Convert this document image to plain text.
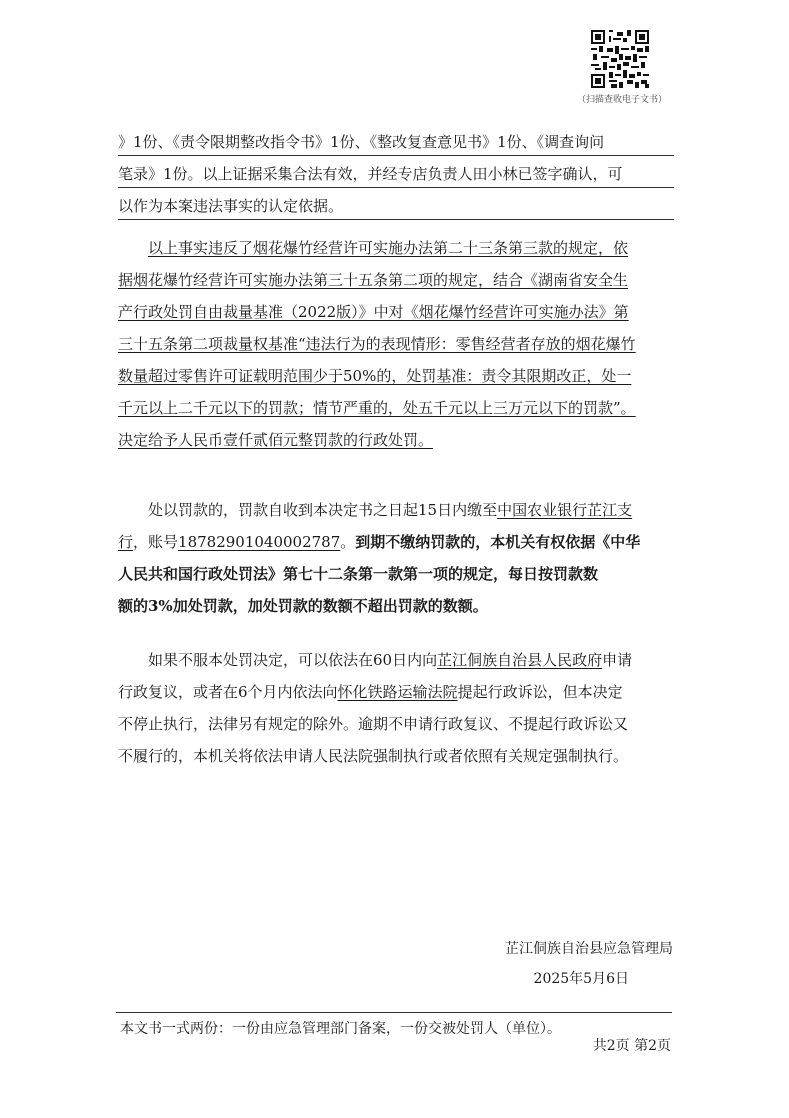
（扫描查收电子文书）
》1份、《责令限期整改指令书》1份、《整改复查意见书》1份、《调查询问
笔录》1份。以上证据采集合法有效，并经专店负责人田小林已签字确认，可
以作为本案违法事实的认定依据。
以上事实违反了烟花爆竹经营许可实施办法第二十三条第三款的规定，依
据烟花爆竹经营许可实施办法第三十五条第二项的规定，结合《湖南省安全生
产行政处罚自由裁量基准（2022版）》中对《烟花爆竹经营许可实施办法》第
三十五条第二项裁量权基准“违法行为的表现情形：零售经营者存放的烟花爆竹
数量超过零售许可证载明范围少于50%的，处罚基准：责令其限期改正，处一
千元以上二千元以下的罚款；情节严重的，处五千元以上三万元以下的罚款”。
决定给予人民币壹仟贰佰元整罚款的行政处罚。
处以罚款的，罚款自收到本决定书之日起15日内缴至 中国农业银行芷江支
行 ，账号 18782901040002787 。 到期不缴纳罚款的，本机关有权依据《中华
人民共和国行政处罚法》第七十二条第一款第一项的规定，每日按罚款数
额的3%加处罚款，加处罚款的数额不超出罚款的数额。
如果不服本处罚决定，可以依法在60日内向 芷江侗族自治县人民政府 申请
行政复议，或者在6个月内依法向 怀化铁路运输法院 提起行政诉讼，但本决定
不停止执行，法律另有规定的除外。逾期不申请行政复议、不提起行政诉讼又
不履行的，本机关将依法申请人民法院强制执行或者依照有关规定强制执行。
芷江侗族自治县应急管理局
2025年5月6日
本文书一式两份：一份由应急管理部门备案，一份交被处罚人（单位）。
共2页 第2页
